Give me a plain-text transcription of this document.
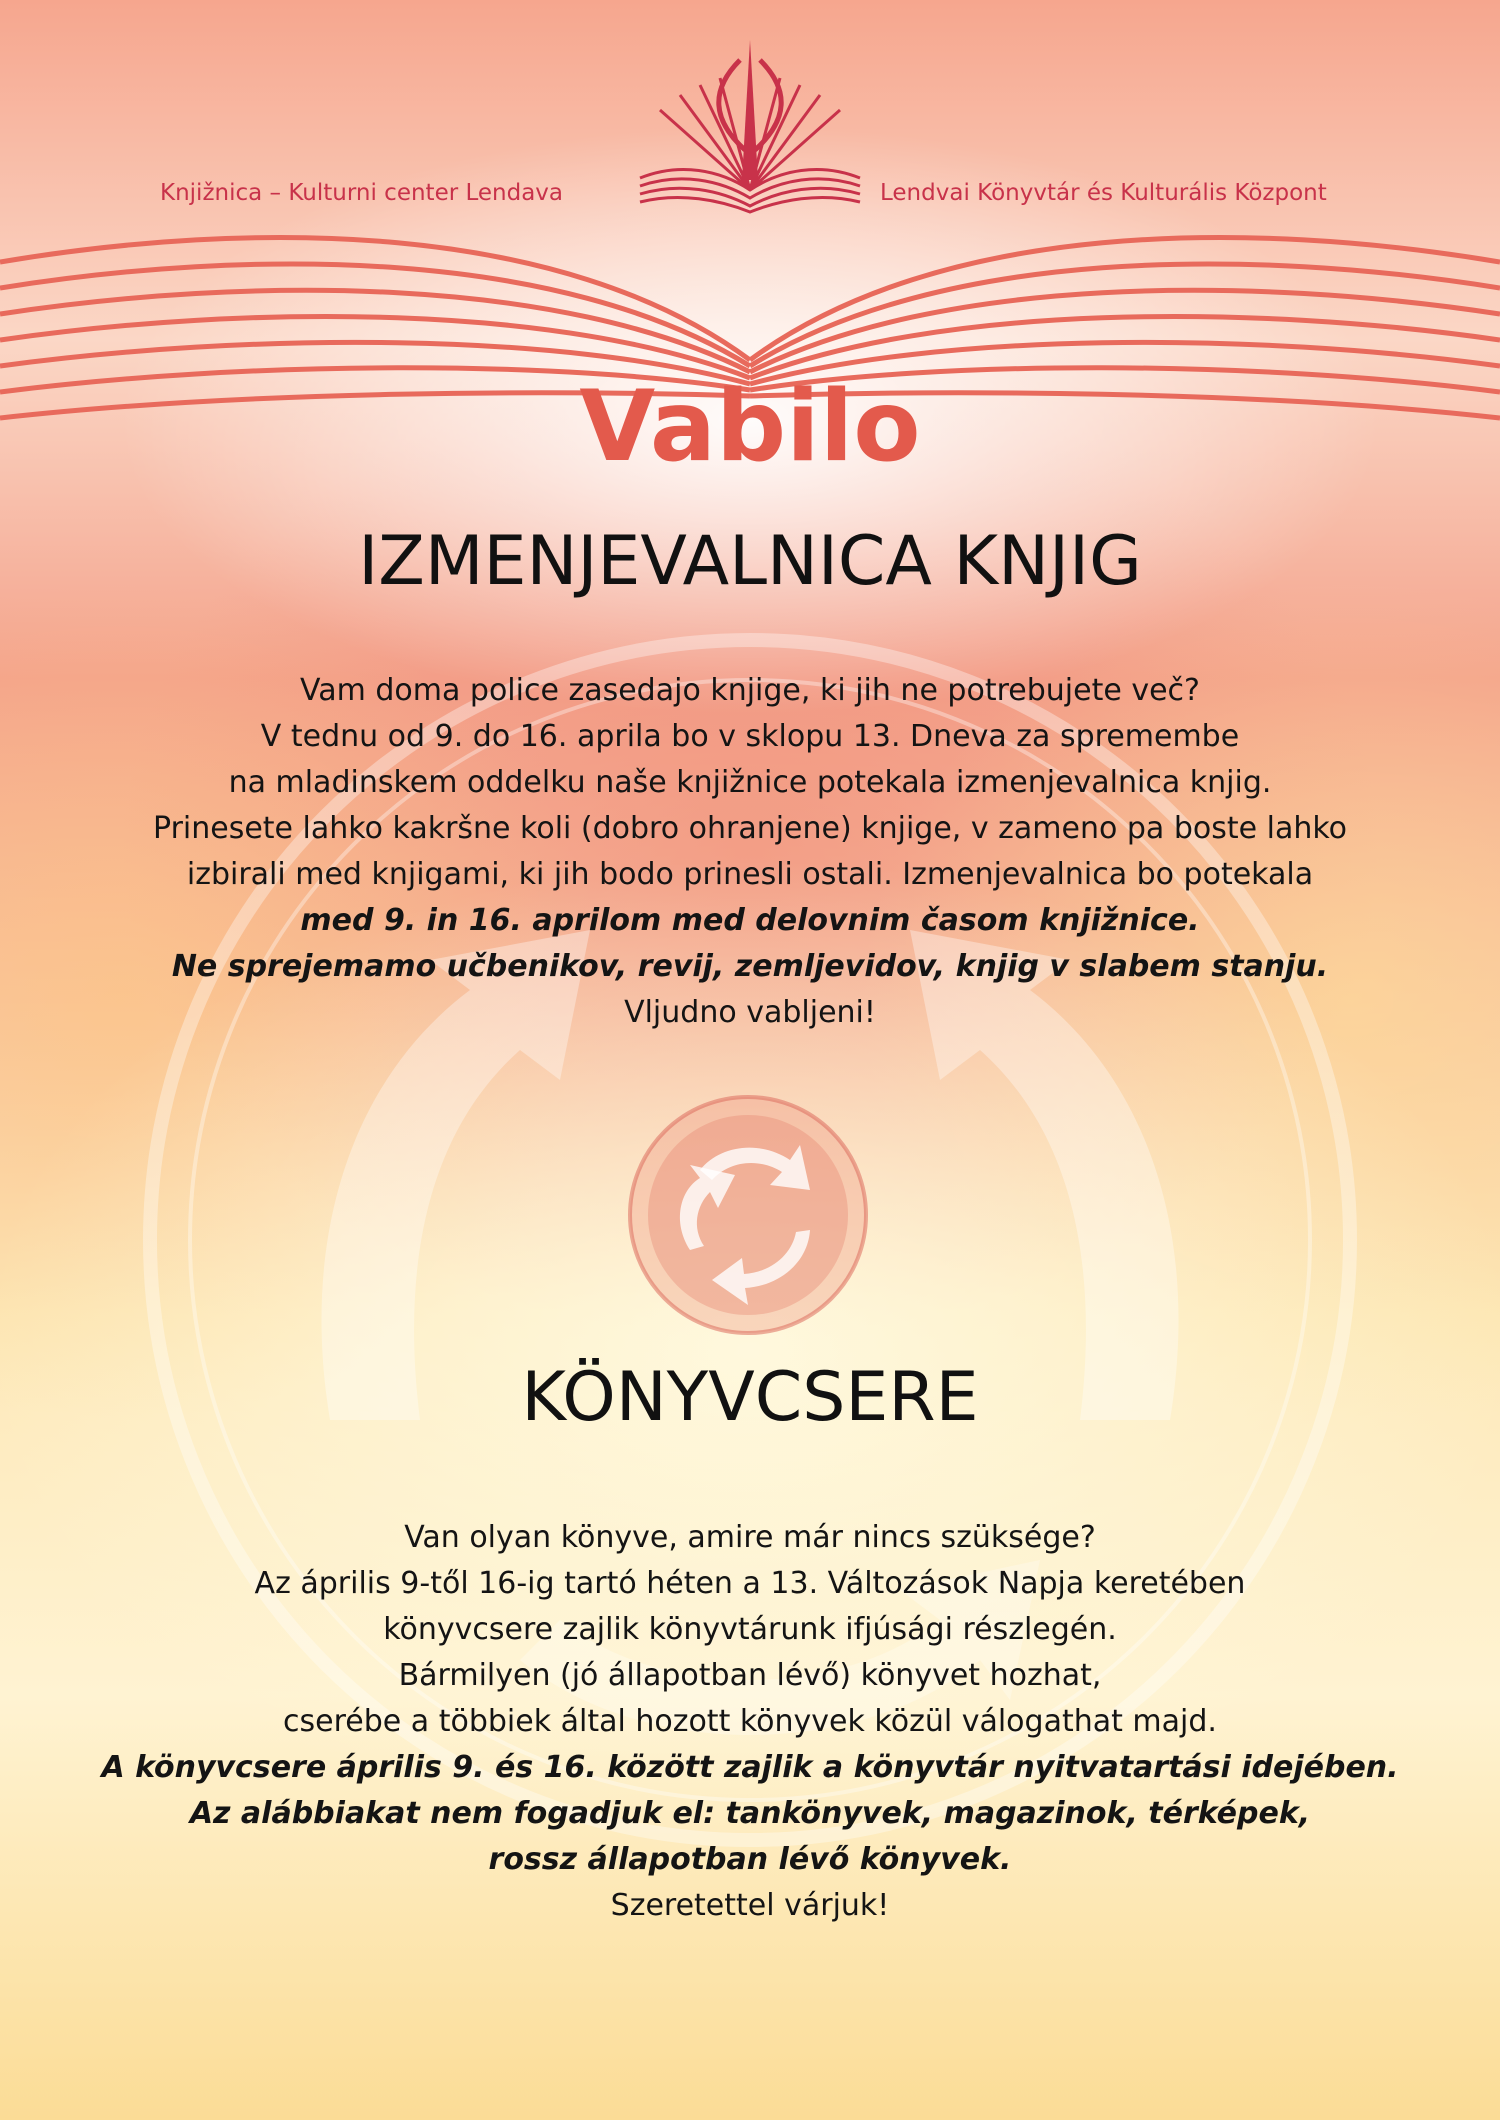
Knjižnica – Kulturni center Lendava	Lendvai Könyvtár és Kulturális Központ
Vabilo
IZMENJEVALNICA KNJIG
Vam doma police zasedajo knjige, ki jih ne potrebujete več?
V tednu od 9. do 16. aprila bo v sklopu 13. Dneva za spremembe
na mladinskem oddelku naše knjižnice potekala izmenjevalnica knjig.
Prinesete lahko kakršne koli (dobro ohranjene) knjige, v zameno pa boste lahko
izbirali med knjigami, ki jih bodo prinesli ostali. Izmenjevalnica bo potekala
med 9. in 16. aprilom med delovnim časom knjižnice.
Ne sprejemamo učbenikov, revij, zemljevidov, knjig v slabem stanju.
Vljudno vabljeni!
KÖNYVCSERE
Van olyan könyve, amire már nincs szüksége?
Az április 9-től 16-ig tartó héten a 13. Változások Napja keretében
könyvcsere zajlik könyvtárunk ifjúsági részlegén.
Bármilyen (jó állapotban lévő) könyvet hozhat,
cserébe a többiek által hozott könyvek közül válogathat majd.
A könyvcsere április 9. és 16. között zajlik a könyvtár nyitvatartási idejében.
Az alábbiakat nem fogadjuk el: tankönyvek, magazinok, térképek,
rossz állapotban lévő könyvek.
Szeretettel várjuk!
